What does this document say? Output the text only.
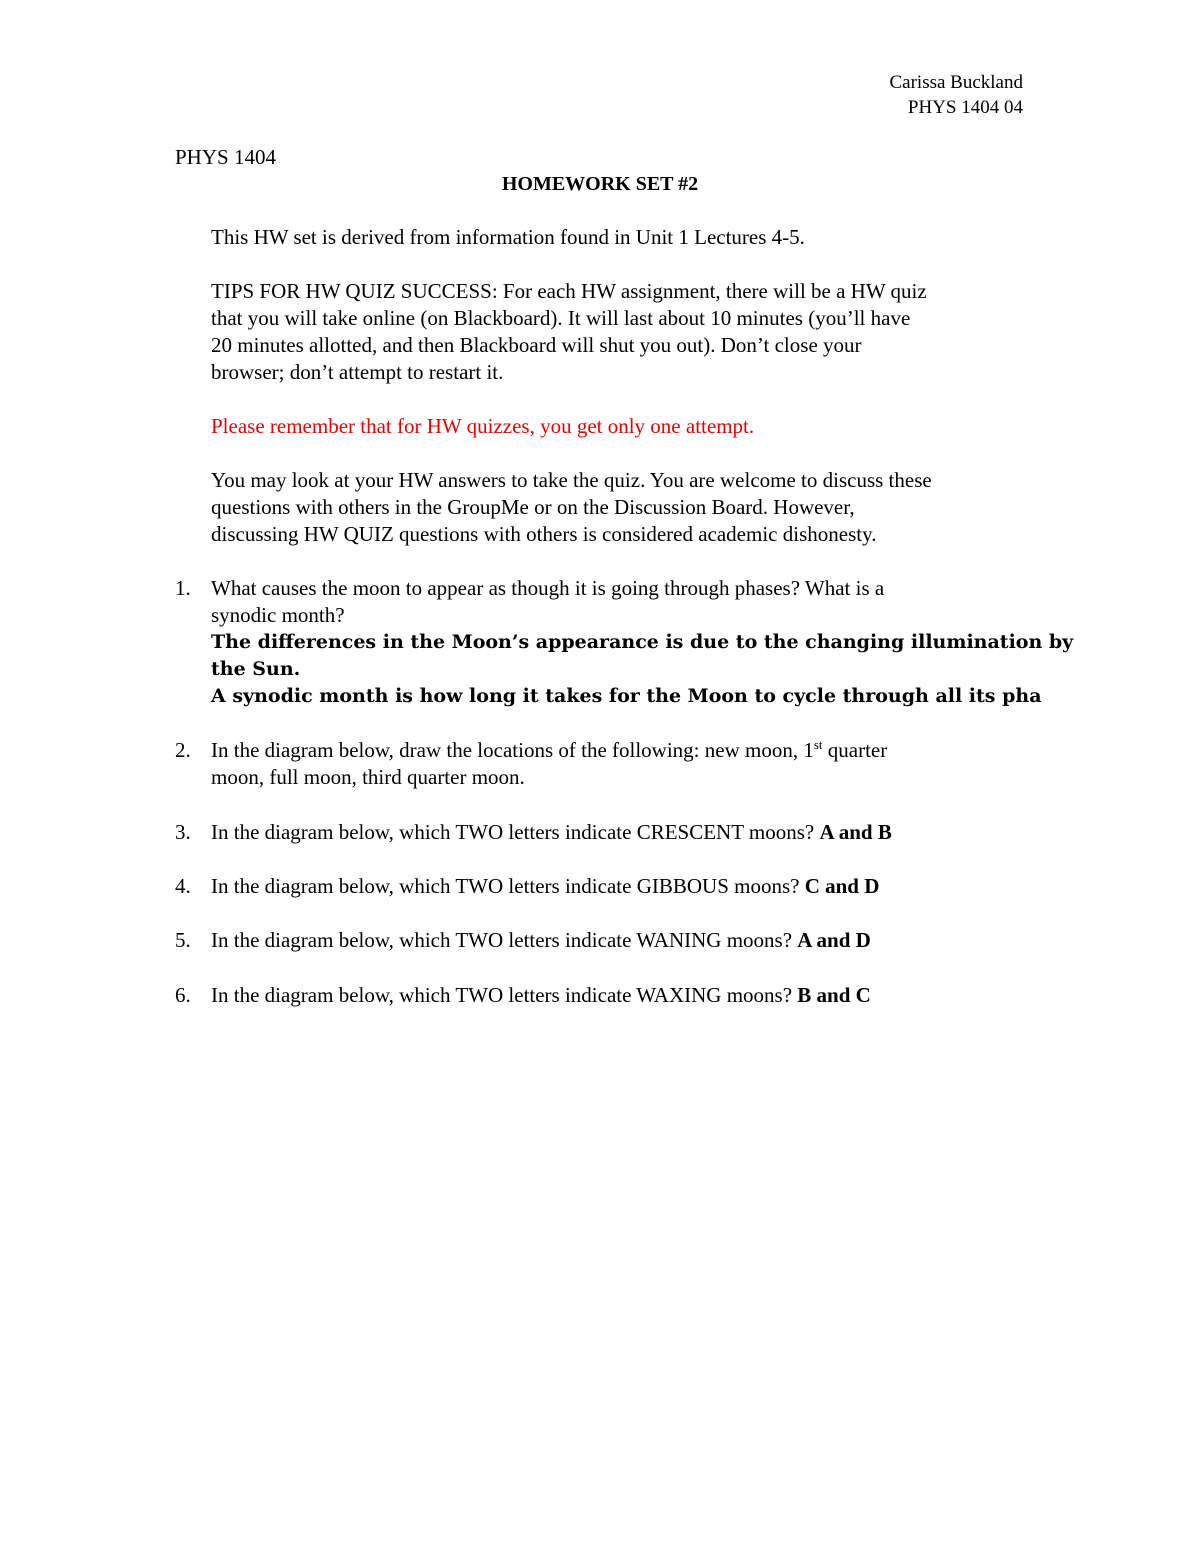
Carissa Buckland
PHYS 1404 04
PHYS 1404
HOMEWORK SET #2
This HW set is derived from information found in Unit 1 Lectures 4-5.
TIPS FOR HW QUIZ SUCCESS: For each HW assignment, there will be a HW quiz
that you will take online (on Blackboard). It will last about 10 minutes (you’ll have
20 minutes allotted, and then Blackboard will shut you out). Don’t close your
browser; don’t attempt to restart it.
Please remember that for HW quizzes, you get only one attempt.
You may look at your HW answers to take the quiz. You are welcome to discuss these
questions with others in the GroupMe or on the Discussion Board. However,
discussing HW QUIZ questions with others is considered academic dishonesty.
1. What causes the moon to appear as though it is going through phases? What is a
synodic month?
The differences in the Moon’s appearance is due to the changing illumination by
the Sun.
A synodic month is how long it takes for the Moon to cycle through all its pha
2. In the diagram below, draw the locations of the following: new moon, 1st quarter
moon, full moon, third quarter moon.
3. In the diagram below, which TWO letters indicate CRESCENT moons? A and B
4. In the diagram below, which TWO letters indicate GIBBOUS moons? C and D
5. In the diagram below, which TWO letters indicate WANING moons? A and D
6. In the diagram below, which TWO letters indicate WAXING moons? B and C
